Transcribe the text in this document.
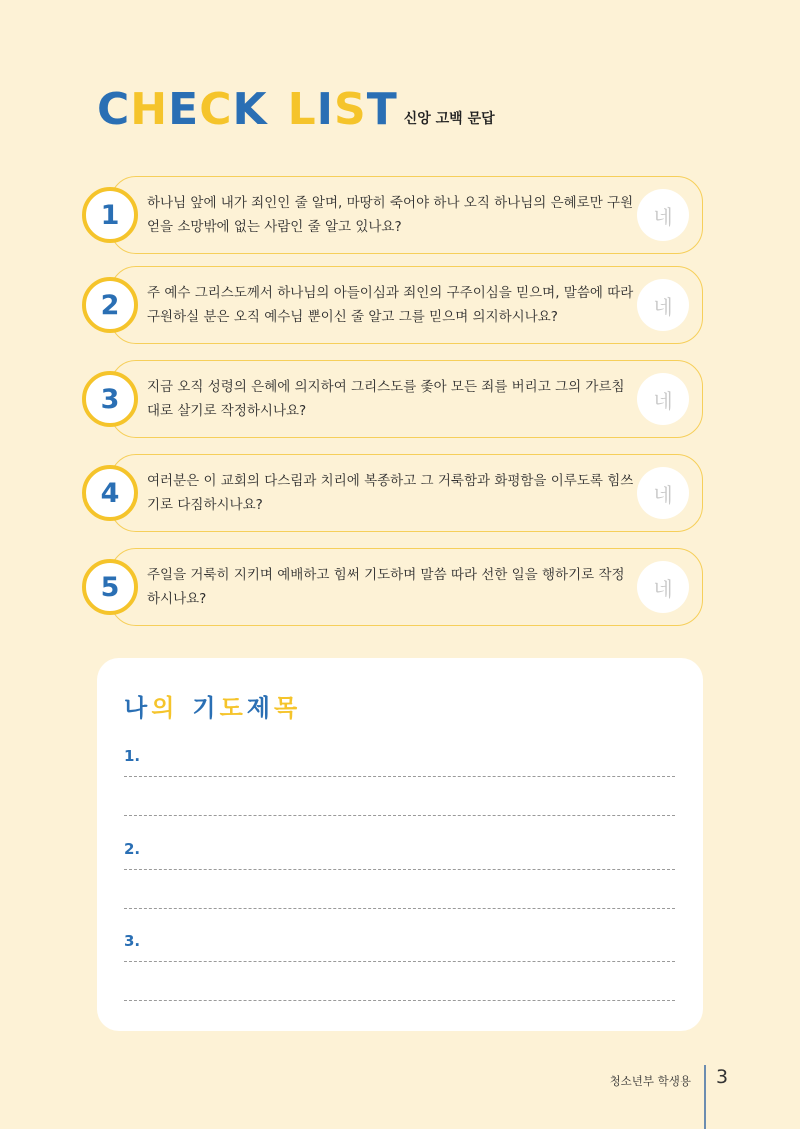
CHECK LIST 신앙 고백 문답
1	하나님 앞에 내가 죄인인 줄 알며, 마땅히 죽어야 하나 오직 하나님의 은혜로만 구원 얻을 소망밖에 없는 사람인 줄 알고 있나요?	네
2	주 예수 그리스도께서 하나님의 아들이심과 죄인의 구주이심을 믿으며, 말씀에 따라 구원하실 분은 오직 예수님 뿐이신 줄 알고 그를 믿으며 의지하시나요?	네
3	지금 오직 성령의 은혜에 의지하여 그리스도를 좇아 모든 죄를 버리고 그의 가르침대로 살기로 작정하시나요?	네
4	여러분은 이 교회의 다스림과 치리에 복종하고 그 거룩함과 화평함을 이루도록 힘쓰기로 다짐하시나요?	네
5	주일을 거룩히 지키며 예배하고 힘써 기도하며 말씀 따라 선한 일을 행하기로 작정하시나요?	네
나의 기도제목
1.
2.
3.
청소년부 학생용 3
